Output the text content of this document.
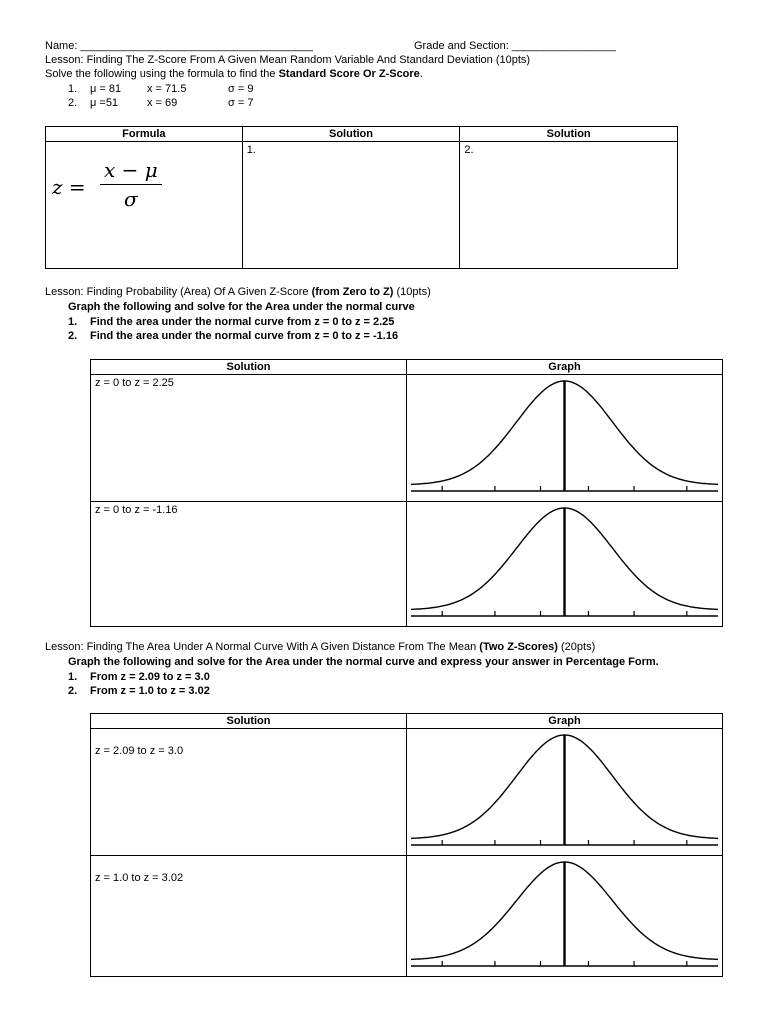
Name: ______________________________________	Grade and Section: _________________
Lesson: Finding The Z-Score From A Given Mean Random Variable And Standard Deviation (10pts)
Solve the following using the formula to find the Standard Score Or Z-Score.
1. μ = 81 x = 71.5	σ = 9
2. μ =51	x = 69	σ = 7
Formula	Solution	Solution

$z = \frac{x - \mu}{\sigma}$	1.	2.
Lesson: Finding Probability (Area) Of A Given Z-Score (from Zero to Z) (10pts)
Graph the following and solve for the Area under the normal curve
1. Find the area under the normal curve from z = 0 to z = 2.25
2. Find the area under the normal curve from z = 0 to z = -1.16
Solution	Graph

z = 0 to z = 2.25

z = 0 to z = -1.16

Lesson: Finding The Area Under A Normal Curve With A Given Distance From The Mean (Two Z-Scores) (20pts)
Graph the following and solve for the Area under the normal curve and express your answer in Percentage Form.
1. From z = 2.09 to z = 3.0
2. From z = 1.0 to z = 3.02
Solution	Graph

z = 2.09 to z = 3.0

z = 1.0 to z = 3.02
